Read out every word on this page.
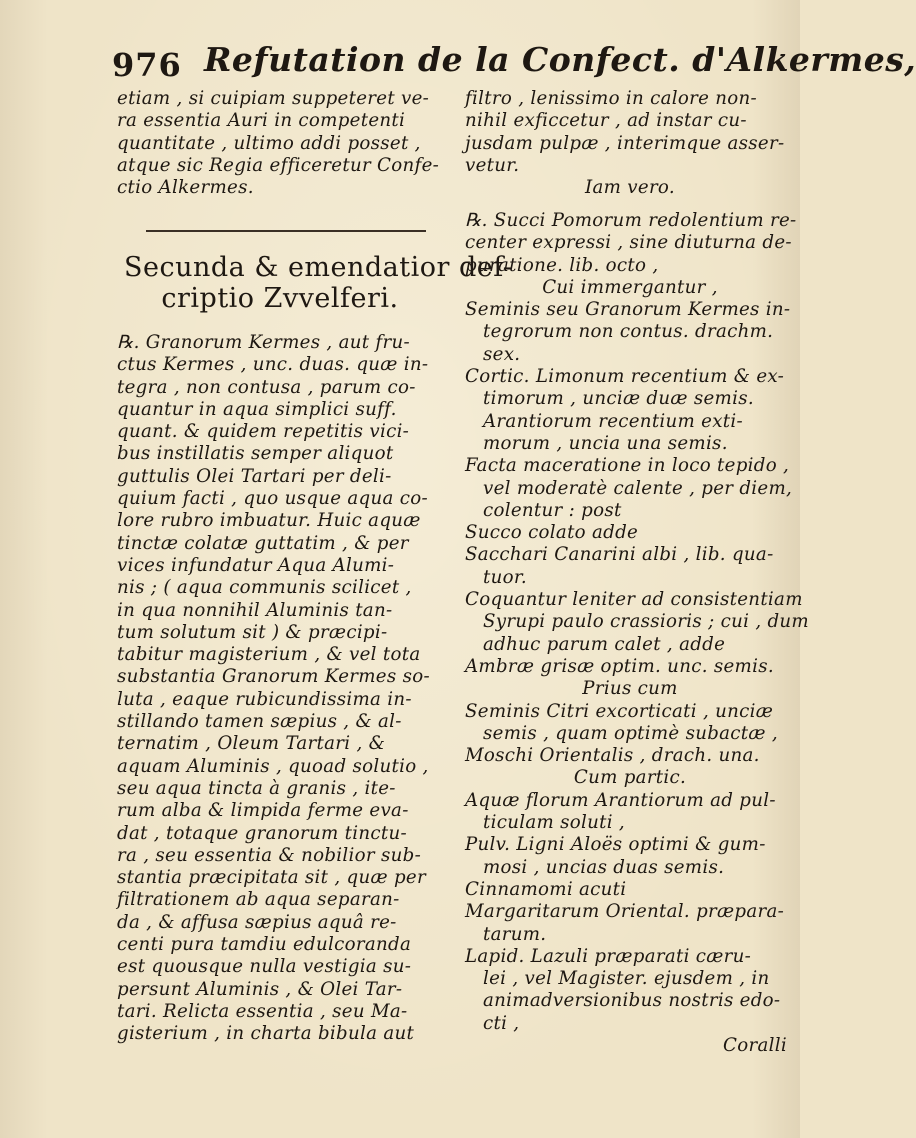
976 Refutation de la Confect. d'Alkermes,
etiam , si cuipiam suppeteret ve-
ra essentia Auri in competenti
quantitate , ultimo addi posset ,
atque sic Regia efficeretur Confe-
ctio Alkermes.
Secunda & emendatior def-
criptio Zvvelferi.
℞. Granorum Kermes , aut fru-
ctus Kermes , unc. duas. quæ in-
tegra , non contusa , parum co-
quantur in aqua simplici suff.
quant. & quidem repetitis vici-
bus instillatis semper aliquot
guttulis Olei Tartari per deli-
quium facti , quo usque aqua co-
lore rubro imbuatur. Huic aquæ
tinctæ colatæ guttatim , & per
vices infundatur Aqua Alumi-
nis ; ( aqua communis scilicet ,
in qua nonnihil Aluminis tan-
tum solutum sit ) & præcipi-
tabitur magisterium , & vel tota
substantia Granorum Kermes so-
luta , eaque rubicundissima in-
stillando tamen sæpius , & al-
ternatim , Oleum Tartari , &
aquam Aluminis , quoad solutio ,
seu aqua tincta à granis , ite-
rum alba & limpida ferme eva-
dat , totaque granorum tinctu-
ra , seu essentia & nobilior sub-
stantia præcipitata sit , quæ per
filtrationem ab aqua separan-
da , & affusa sæpius aquâ re-
centi pura tamdiu edulcoranda
est quousque nulla vestigia su-
persunt Aluminis , & Olei Tar-
tari. Relicta essentia , seu Ma-
gisterium , in charta bibula aut
filtro , lenissimo in calore non-
nihil exficcetur , ad instar cu-
jusdam pulpæ , interimque asser-
vetur.
Iam vero.
℞. Succi Pomorum redolentium re-
center expressi , sine diuturna de-
puratione. lib. octo ,
Cui immergantur ,
Seminis seu Granorum Kermes in-
tegrorum non contus. drachm.
sex.
Cortic. Limonum recentium & ex-
timorum , unciæ duæ semis.
Arantiorum recentium exti-
morum , uncia una semis.
Facta maceratione in loco tepido ,
vel moderatè calente , per diem,
colentur : post
Succo colato adde
Sacchari Canarini albi , lib. qua-
tuor.
Coquantur leniter ad consistentiam
Syrupi paulo crassioris ; cui , dum
adhuc parum calet , adde
Ambræ grisæ optim. unc. semis.
Prius cum
Seminis Citri excorticati , unciæ
semis , quam optimè subactæ ,
Moschi Orientalis , drach. una.
Cum partic.
Aquæ florum Arantiorum ad pul-
ticulam soluti ,
Pulv. Ligni Aloës optimi & gum-
mosi , uncias duas semis.
Cinnamomi acuti
Margaritarum Oriental. præpara-
tarum.
Lapid. Lazuli præparati cæru-
lei , vel Magister. ejusdem , in
animadversionibus nostris edo-
cti ,
Coralli
